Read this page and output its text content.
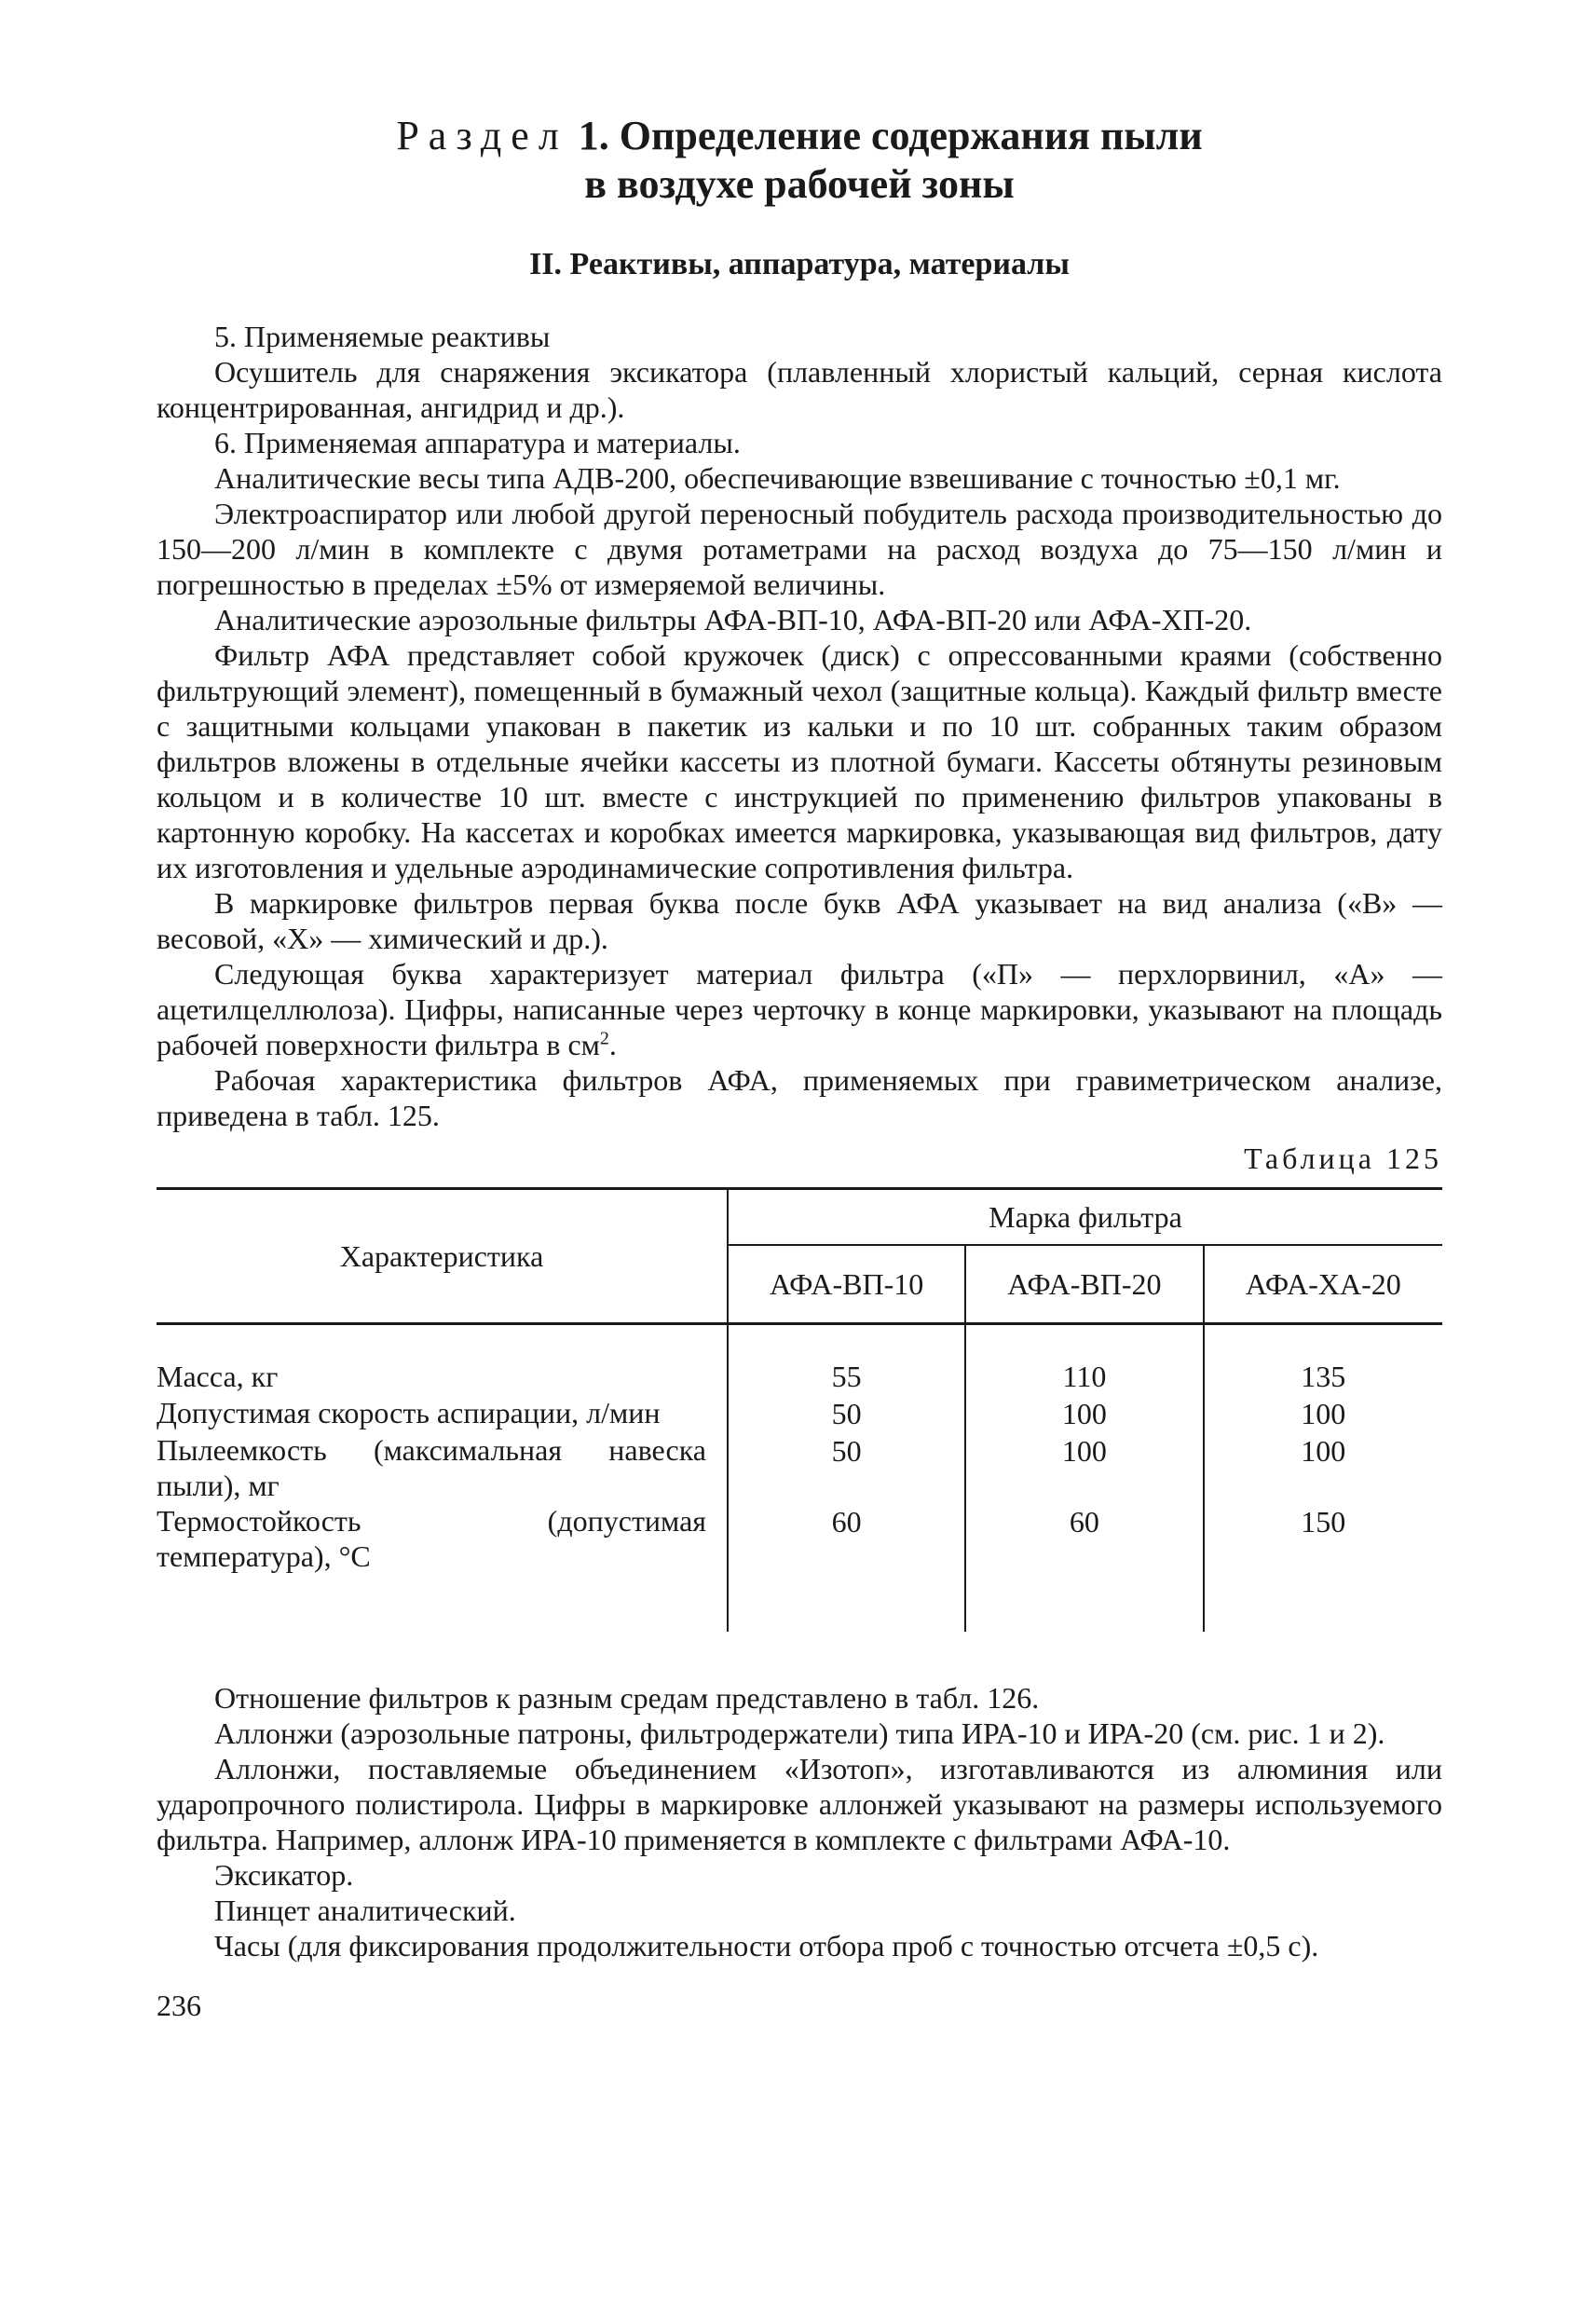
Раздел 1. Определение содержания пыли
в воздухе рабочей зоны
II. Реактивы, аппаратура, материалы

5. Применяемые реактивы

Осушитель для снаряжения эксикатора (плавленный хлористый кальций, серная кислота концентрированная, ангидрид и др.).

6. Применяемая аппаратура и материалы.

Аналитические весы типа АДВ-200, обеспечивающие взвешивание с точностью ±0,1 мг.

Электроаспиратор или любой другой переносный побудитель расхода производительностью до 150—200 л/мин в комплекте с двумя ротаметрами на расход воздуха до 75—150 л/мин и погрешностью в пределах ±5% от измеряемой величины.

Аналитические аэрозольные фильтры АФА-ВП-10, АФА-ВП-20 или АФА-ХП-20.

Фильтр АФА представляет собой кружочек (диск) с опрессованными краями (собственно фильтрующий элемент), помещенный в бумажный чехол (защитные кольца). Каждый фильтр вместе с защитными кольцами упакован в пакетик из кальки и по 10 шт. собранных таким образом фильтров вложены в отдельные ячейки кассеты из плотной бумаги. Кассеты обтянуты резиновым кольцом и в количестве 10 шт. вместе с инструкцией по применению фильтров упакованы в картонную коробку. На кассетах и коробках имеется маркировка, указывающая вид фильтров, дату их изготовления и удельные аэродинамические сопротивления фильтра.

В маркировке фильтров первая буква после букв АФА указывает на вид анализа («В» — весовой, «Х» — химический и др.).

Следующая буква характеризует материал фильтра («П» — перхлорвинил, «А» — ацетилцеллюлоза). Цифры, написанные через черточку в конце маркировки, указывают на площадь рабочей поверхности фильтра в $см^2$.

Рабочая характеристика фильтров АФА, применяемых при гравиметрическом анализе, приведена в табл. 125.

Таблица 125
Характеристика	Марка фильтра		
	АФА-ВП-10	АФА-ВП-20	АФА-ХА-20

Масса, кг	55	110	135

Допустимая скорость аспирации, л/мин	50	100	100

Пылеемкость (максимальная навеска пыли), мг	50	100	100

Термостойкость (допустимая температура), °С	60	60	150

Отношение фильтров к разным средам представлено в табл. 126.

Аллонжи (аэрозольные патроны, фильтродержатели) типа ИРА-10 и ИРА-20 (см. рис. 1 и 2).

Аллонжи, поставляемые объединением «Изотоп», изготавливаются из алюминия или ударопрочного полистирола. Цифры в маркировке аллонжей указывают на размеры используемого фильтра. Например, аллонж ИРА-10 применяется в комплекте с фильтрами АФА-10.

Эксикатор.

Пинцет аналитический.

Часы (для фиксирования продолжительности отбора проб с точностью отсчета ±0,5 с).

236
